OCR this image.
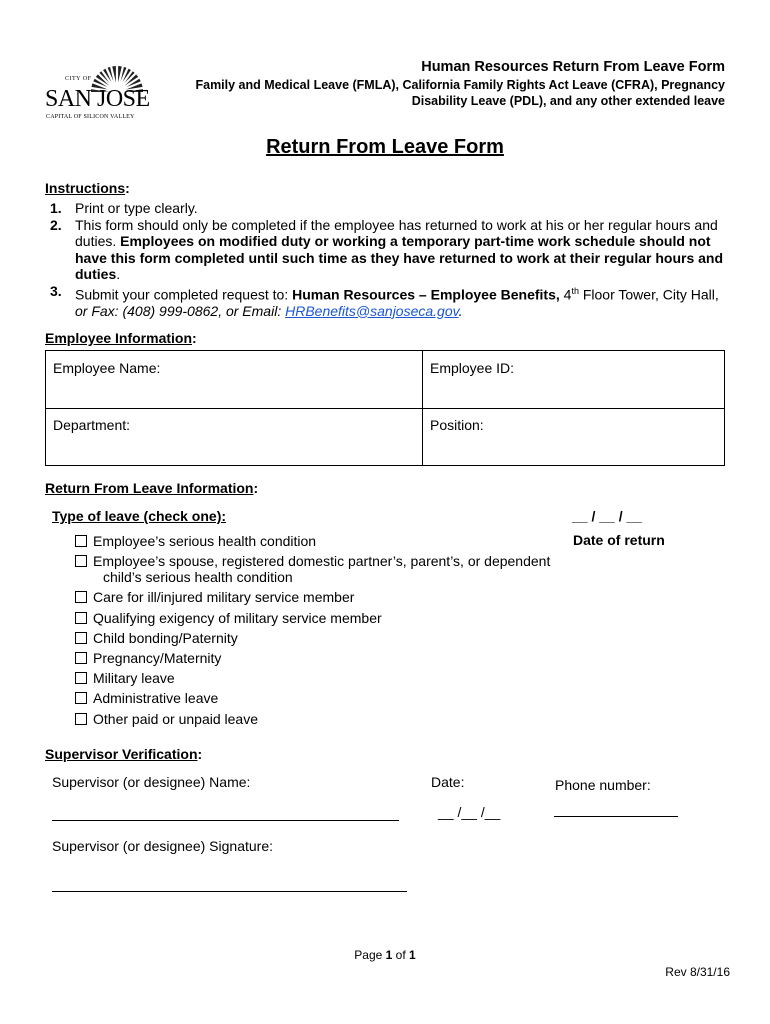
CITY OF
SAN JOSE
CAPITAL OF SILICON VALLEY
Human Resources Return From Leave Form
Family and Medical Leave (FMLA), California Family Rights Act Leave (CFRA), Pregnancy
Disability Leave (PDL), and any other extended leave
Return From Leave Form
Instructions:
1. Print or type clearly.
2. This form should only be completed if the employee has returned to work at his or her regular hours and duties. Employees on modified duty or working a temporary part-time work schedule should not have this form completed until such time as they have returned to work at their regular hours and duties.
3. Submit your completed request to: Human Resources – Employee Benefits, 4th Floor Tower, City Hall,
or Fax: (408) 999-0862, or Email: HRBenefits@sanjoseca.gov.
Employee Information:
Employee Name:	Employee ID:
Department:	Position:
Return From Leave Information:
Type of leave (check one):	__ / __ / __
Date of return
Employee’s serious health condition
Employee’s spouse, registered domestic partner’s, parent’s, or dependent
child’s serious health condition
Care for ill/injured military service member
Qualifying exigency of military service member
Child bonding/Paternity
Pregnancy/Maternity
Military leave
Administrative leave
Other paid or unpaid leave
Supervisor Verification:
Supervisor (or designee) Name:	Date:	Phone number:
__ /__ /__
Supervisor (or designee) Signature:
Page 1 of 1
Rev 8/31/16
